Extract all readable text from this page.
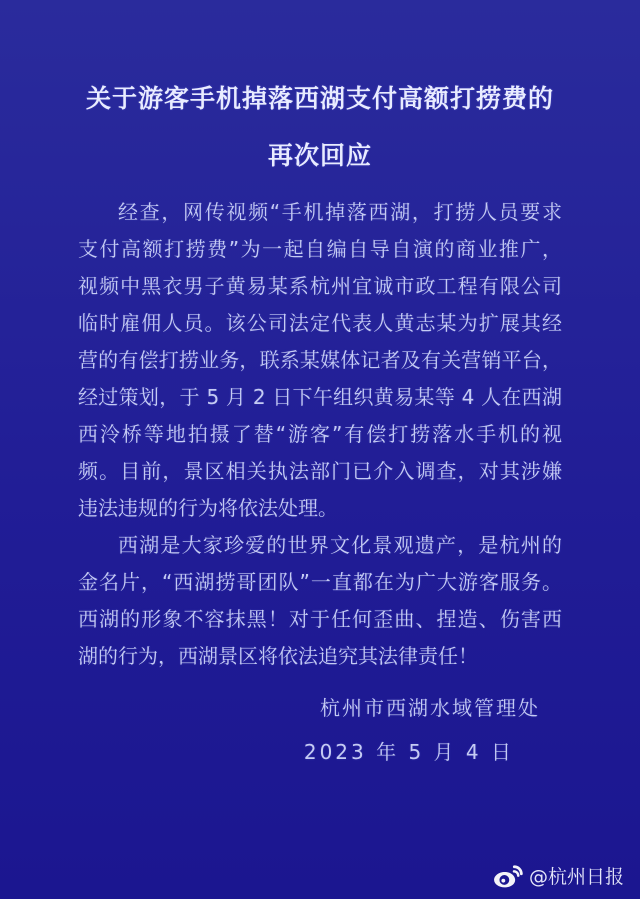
关于游客手机掉落西湖支付高额打捞费的
再次回应
经查，网传视频“手机掉落西湖，打捞人员要求
支付高额打捞费”为一起自编自导自演的商业推广，
视频中黑衣男子黄易某系杭州宜诚市政工程有限公司
临时雇佣人员。该公司法定代表人黄志某为扩展其经
营的有偿打捞业务，联系某媒体记者及有关营销平台，
经过策划，于 5 月 2 日下午组织黄易某等 4 人在西湖
西泠桥等地拍摄了替“游客”有偿打捞落水手机的视
频。目前，景区相关执法部门已介入调查，对其涉嫌
违法违规的行为将依法处理。
西湖是大家珍爱的世界文化景观遗产，是杭州的
金名片，“西湖捞哥团队”一直都在为广大游客服务。
西湖的形象不容抹黑！对于任何歪曲、捏造、伤害西
湖的行为，西湖景区将依法追究其法律责任！
杭州市西湖水域管理处
2023 年 5 月 4 日
@杭州日报
